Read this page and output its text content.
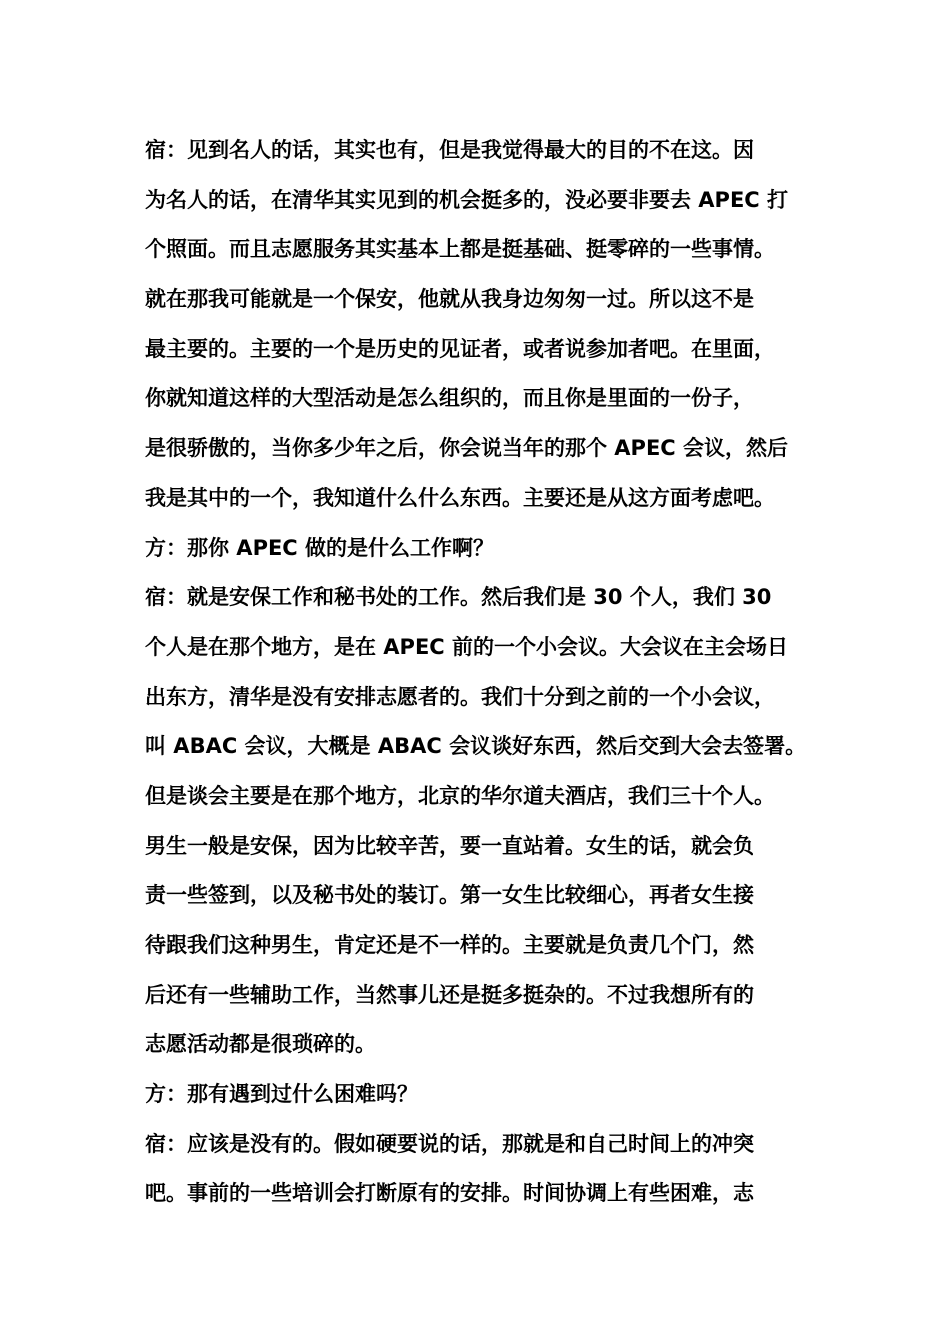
宿：见到名人的话，其实也有，但是我觉得最大的目的不在这。因
为名人的话，在清华其实见到的机会挺多的，没必要非要去 APEC 打
个照面。而且志愿服务其实基本上都是挺基础、挺零碎的一些事情。
就在那我可能就是一个保安，他就从我身边匆匆一过。所以这不是
最主要的。主要的一个是历史的见证者，或者说参加者吧。在里面，
你就知道这样的大型活动是怎么组织的，而且你是里面的一份子，
是很骄傲的，当你多少年之后，你会说当年的那个 APEC 会议，然后
我是其中的一个，我知道什么什么东西。主要还是从这方面考虑吧。
方：那你 APEC 做的是什么工作啊？
宿：就是安保工作和秘书处的工作。然后我们是 30 个人，我们 30
个人是在那个地方，是在 APEC 前的一个小会议。大会议在主会场日
出东方，清华是没有安排志愿者的。我们十分到之前的一个小会议，
叫 ABAC 会议，大概是 ABAC 会议谈好东西，然后交到大会去签署。
但是谈会主要是在那个地方，北京的华尔道夫酒店，我们三十个人。
男生一般是安保，因为比较辛苦，要一直站着。女生的话，就会负
责一些签到，以及秘书处的装订。第一女生比较细心，再者女生接
待跟我们这种男生，肯定还是不一样的。主要就是负责几个门，然
后还有一些辅助工作，当然事儿还是挺多挺杂的。不过我想所有的
志愿活动都是很琐碎的。
方：那有遇到过什么困难吗？
宿：应该是没有的。假如硬要说的话，那就是和自己时间上的冲突
吧。事前的一些培训会打断原有的安排。时间协调上有些困难，志
